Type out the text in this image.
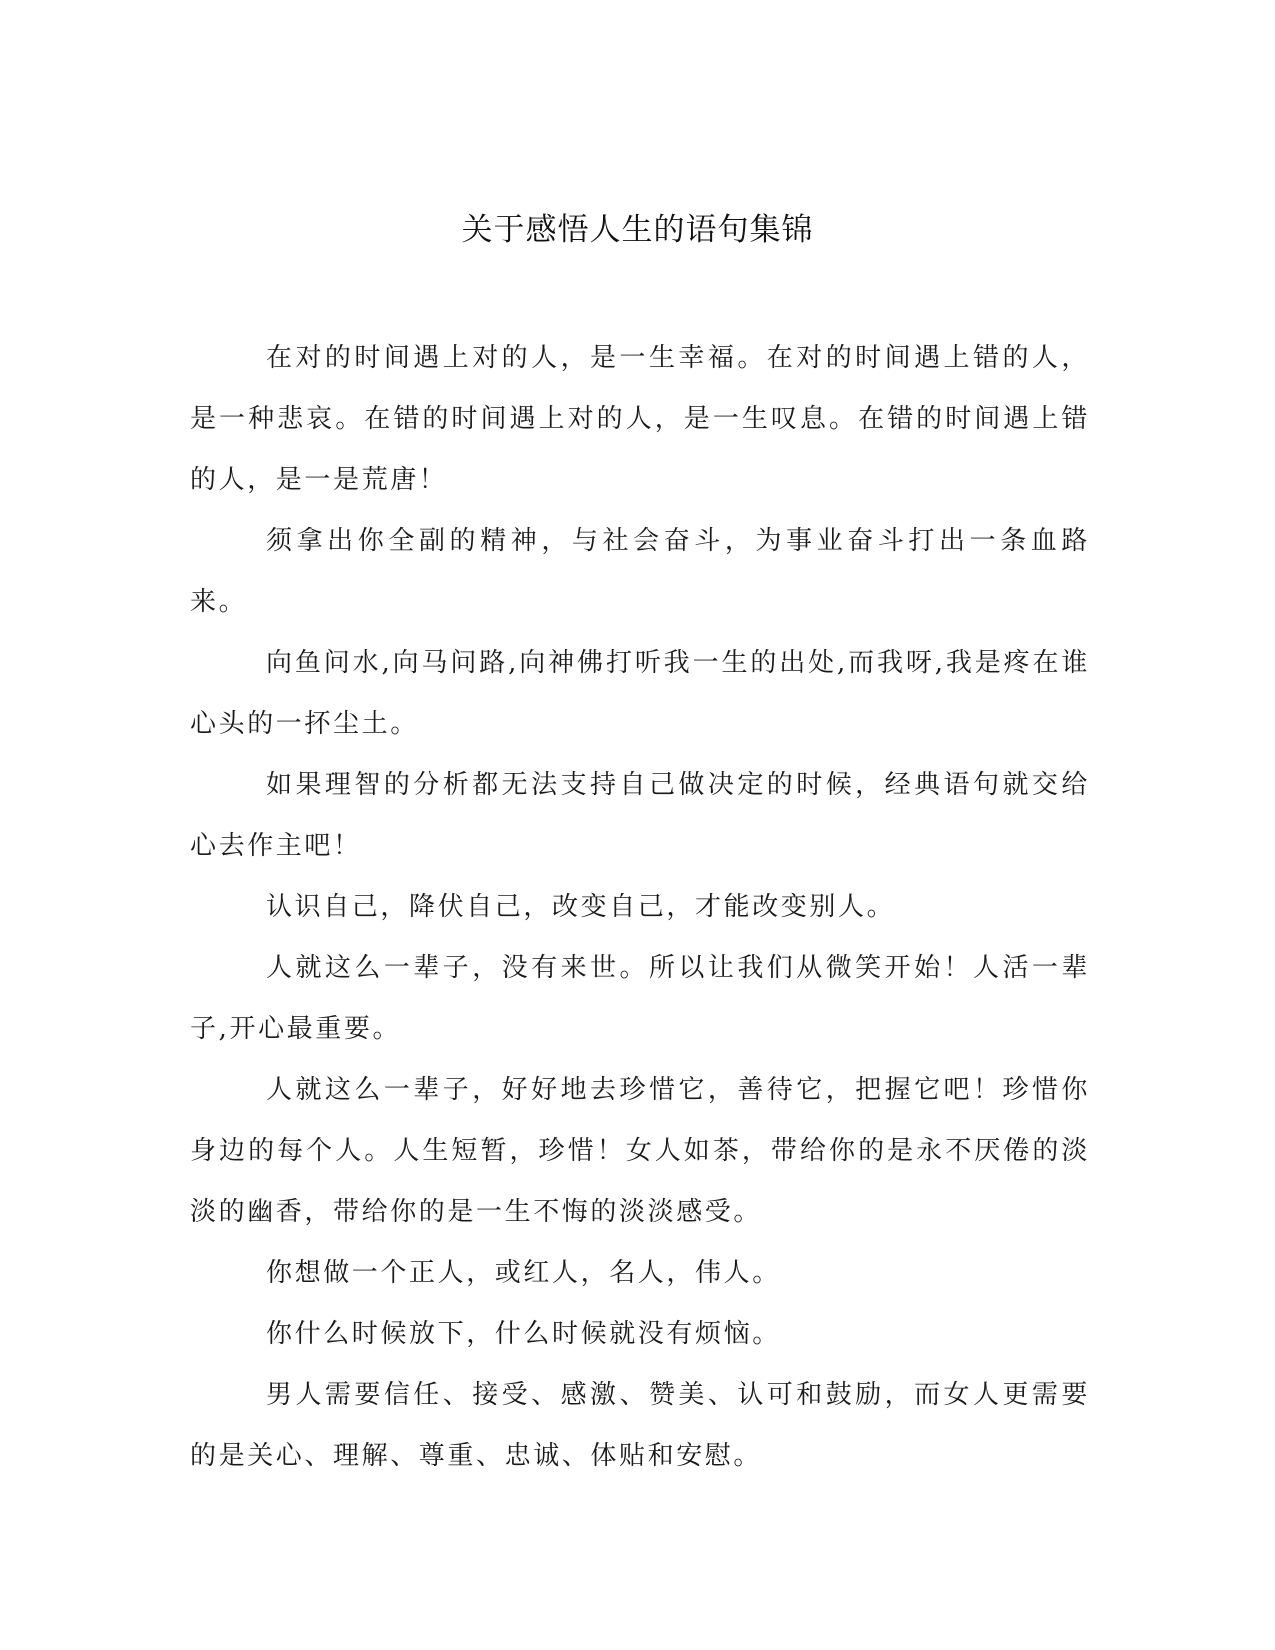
关于感悟人生的语句集锦

在对的时间遇上对的人，是一生幸福。在对的时间遇上错的人，是一种悲哀。在错的时间遇上对的人，是一生叹息。在错的时间遇上错的人，是一是荒唐！

须拿出你全副的精神，与社会奋斗，为事业奋斗打出一条血路来。

向鱼问水,向马问路,向神佛打听我一生的出处,而我呀,我是疼在谁心头的一抔尘土。

如果理智的分析都无法支持自己做决定的时候，经典语句就交给心去作主吧！

认识自己，降伏自己，改变自己，才能改变别人。

人就这么一辈子，没有来世。所以让我们从微笑开始！人活一辈子,开心最重要。

人就这么一辈子，好好地去珍惜它，善待它，把握它吧！珍惜你身边的每个人。人生短暂，珍惜！女人如茶，带给你的是永不厌倦的淡淡的幽香，带给你的是一生不悔的淡淡感受。

你想做一个正人，或红人，名人，伟人。

你什么时候放下，什么时候就没有烦恼。

男人需要信任、接受、感激、赞美、认可和鼓励，而女人更需要的是关心、理解、尊重、忠诚、体贴和安慰。
